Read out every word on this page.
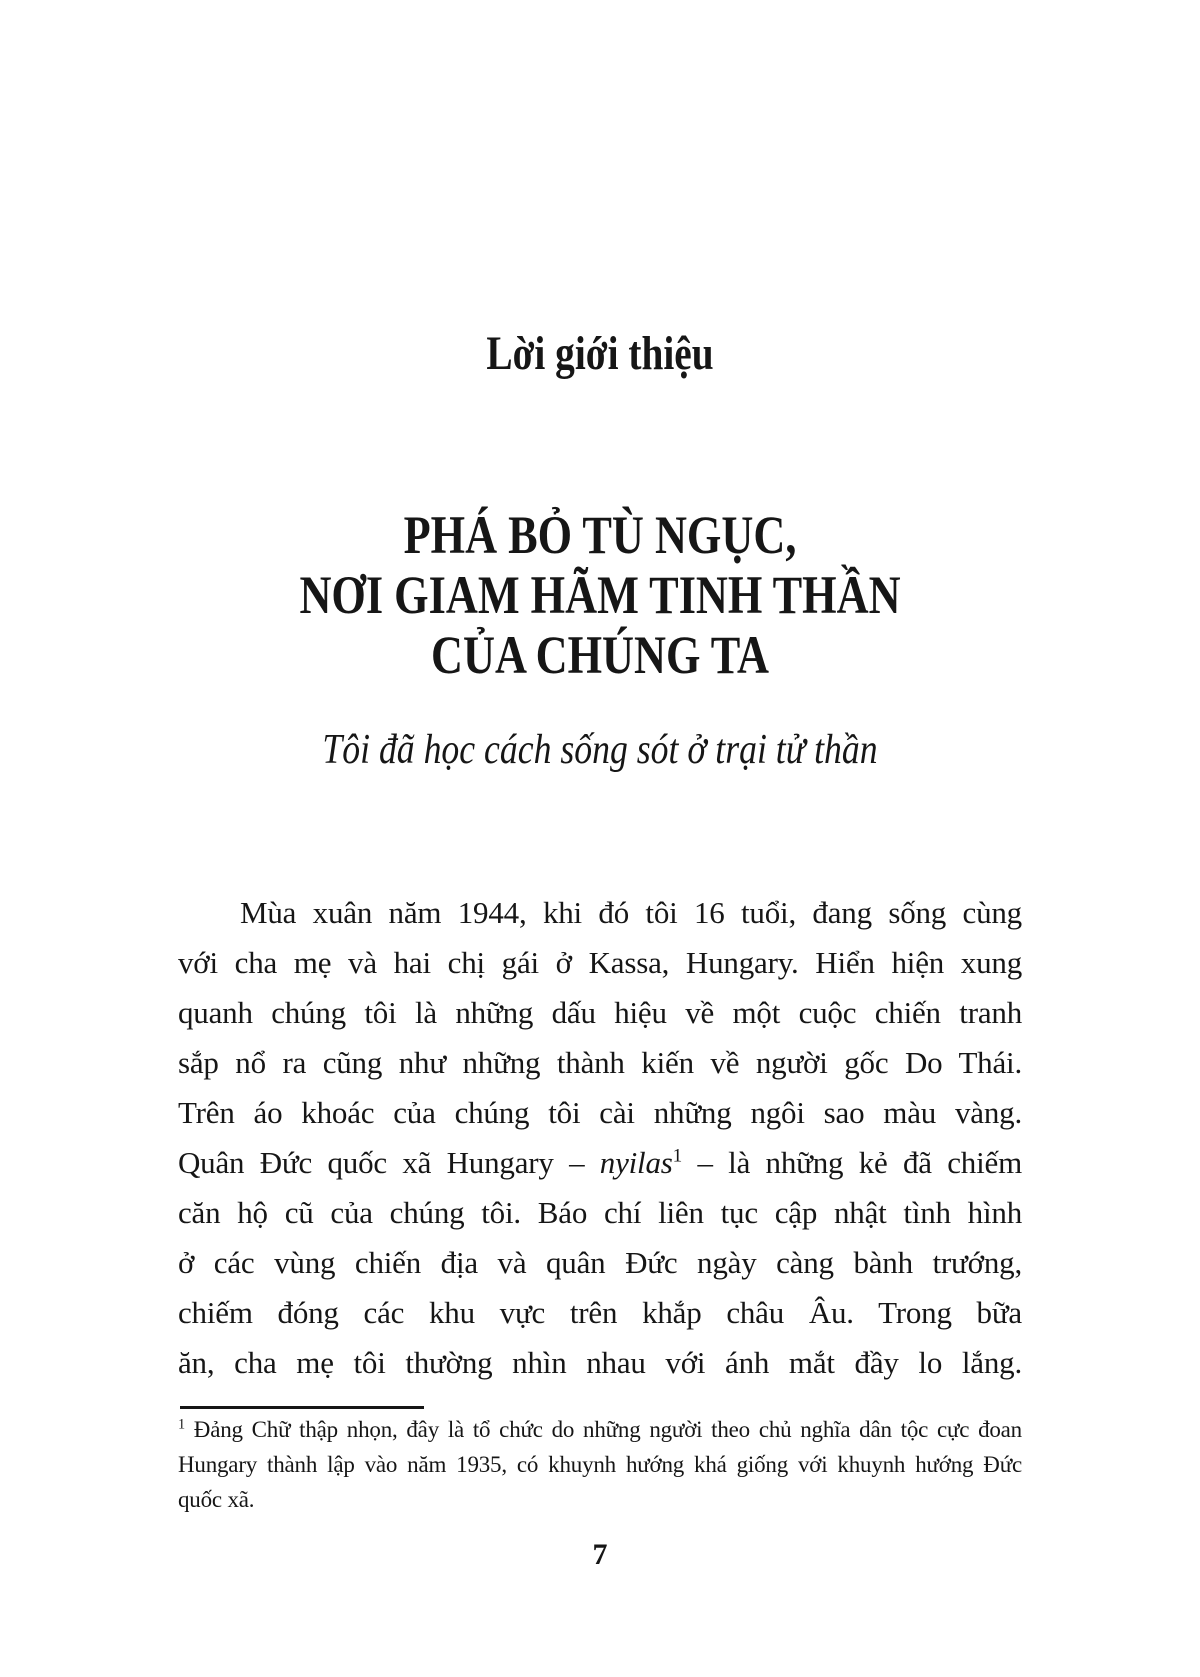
Lời giới thiệu
PHÁ BỎ TÙ NGỤC,
NƠI GIAM HÃM TINH THẦN
CỦA CHÚNG TA
Tôi đã học cách sống sót ở trại tử thần
Mùa xuân năm 1944, khi đó tôi 16 tuổi, đang sống cùng
với cha mẹ và hai chị gái ở Kassa, Hungary. Hiển hiện xung
quanh chúng tôi là những dấu hiệu về một cuộc chiến tranh
sắp nổ ra cũng như những thành kiến về người gốc Do Thái.
Trên áo khoác của chúng tôi cài những ngôi sao màu vàng.
Quân Đức quốc xã Hungary – nyilas$^1$ – là những kẻ đã chiếm
căn hộ cũ của chúng tôi. Báo chí liên tục cập nhật tình hình
ở các vùng chiến địa và quân Đức ngày càng bành trướng,
chiếm đóng các khu vực trên khắp châu Âu. Trong bữa
ăn, cha mẹ tôi thường nhìn nhau với ánh mắt đầy lo lắng.
$^1$ Đảng Chữ thập nhọn, đây là tổ chức do những người theo chủ nghĩa dân tộc cực đoan
Hungary thành lập vào năm 1935, có khuynh hướng khá giống với khuynh hướng Đức
quốc xã.
7
